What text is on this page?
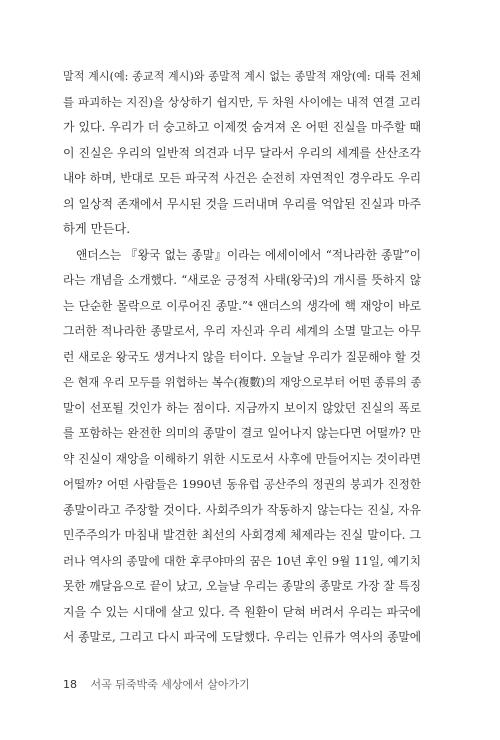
말적 계시(예: 종교적 계시)와 종말적 계시 없는 종말적 재앙(예: 대륙 전체
를 파괴하는 지진)을 상상하기 쉽지만, 두 차원 사이에는 내적 연결 고리
가 있다. 우리가 더 숭고하고 이제껏 숨겨져 온 어떤 진실을 마주할 때
이 진실은 우리의 일반적 의견과 너무 달라서 우리의 세계를 산산조각
내야 하며, 반대로 모든 파국적 사건은 순전히 자연적인 경우라도 우리
의 일상적 존재에서 무시된 것을 드러내며 우리를 억압된 진실과 마주
하게 만든다.
앤더스는 『왕국 없는 종말』이라는 에세이에서 “적나라한 종말”이
라는 개념을 소개했다. “새로운 긍정적 사태(왕국)의 개시를 뜻하지 않
는 단순한 몰락으로 이루어진 종말.”⁴ 앤더스의 생각에 핵 재앙이 바로
그러한 적나라한 종말로서, 우리 자신과 우리 세계의 소멸 말고는 아무
런 새로운 왕국도 생겨나지 않을 터이다. 오늘날 우리가 질문해야 할 것
은 현재 우리 모두를 위협하는 복수(複數)의 재앙으로부터 어떤 종류의 종
말이 선포될 것인가 하는 점이다. 지금까지 보이지 않았던 진실의 폭로
를 포함하는 완전한 의미의 종말이 결코 일어나지 않는다면 어떨까? 만
약 진실이 재앙을 이해하기 위한 시도로서 사후에 만들어지는 것이라면
어떨까? 어떤 사람들은 1990년 동유럽 공산주의 정권의 붕괴가 진정한
종말이라고 주장할 것이다. 사회주의가 작동하지 않는다는 진실, 자유
민주주의가 마침내 발견한 최선의 사회경제 체제라는 진실 말이다. 그
러나 역사의 종말에 대한 후쿠야마의 꿈은 10년 후인 9월 11일, 예기치
못한 깨달음으로 끝이 났고, 오늘날 우리는 종말의 종말로 가장 잘 특징
지을 수 있는 시대에 살고 있다. 즉 원환이 닫혀 버려서 우리는 파국에
서 종말로, 그리고 다시 파국에 도달했다. 우리는 인류가 역사의 종말에
18 서곡 뒤죽박죽 세상에서 살아가기
